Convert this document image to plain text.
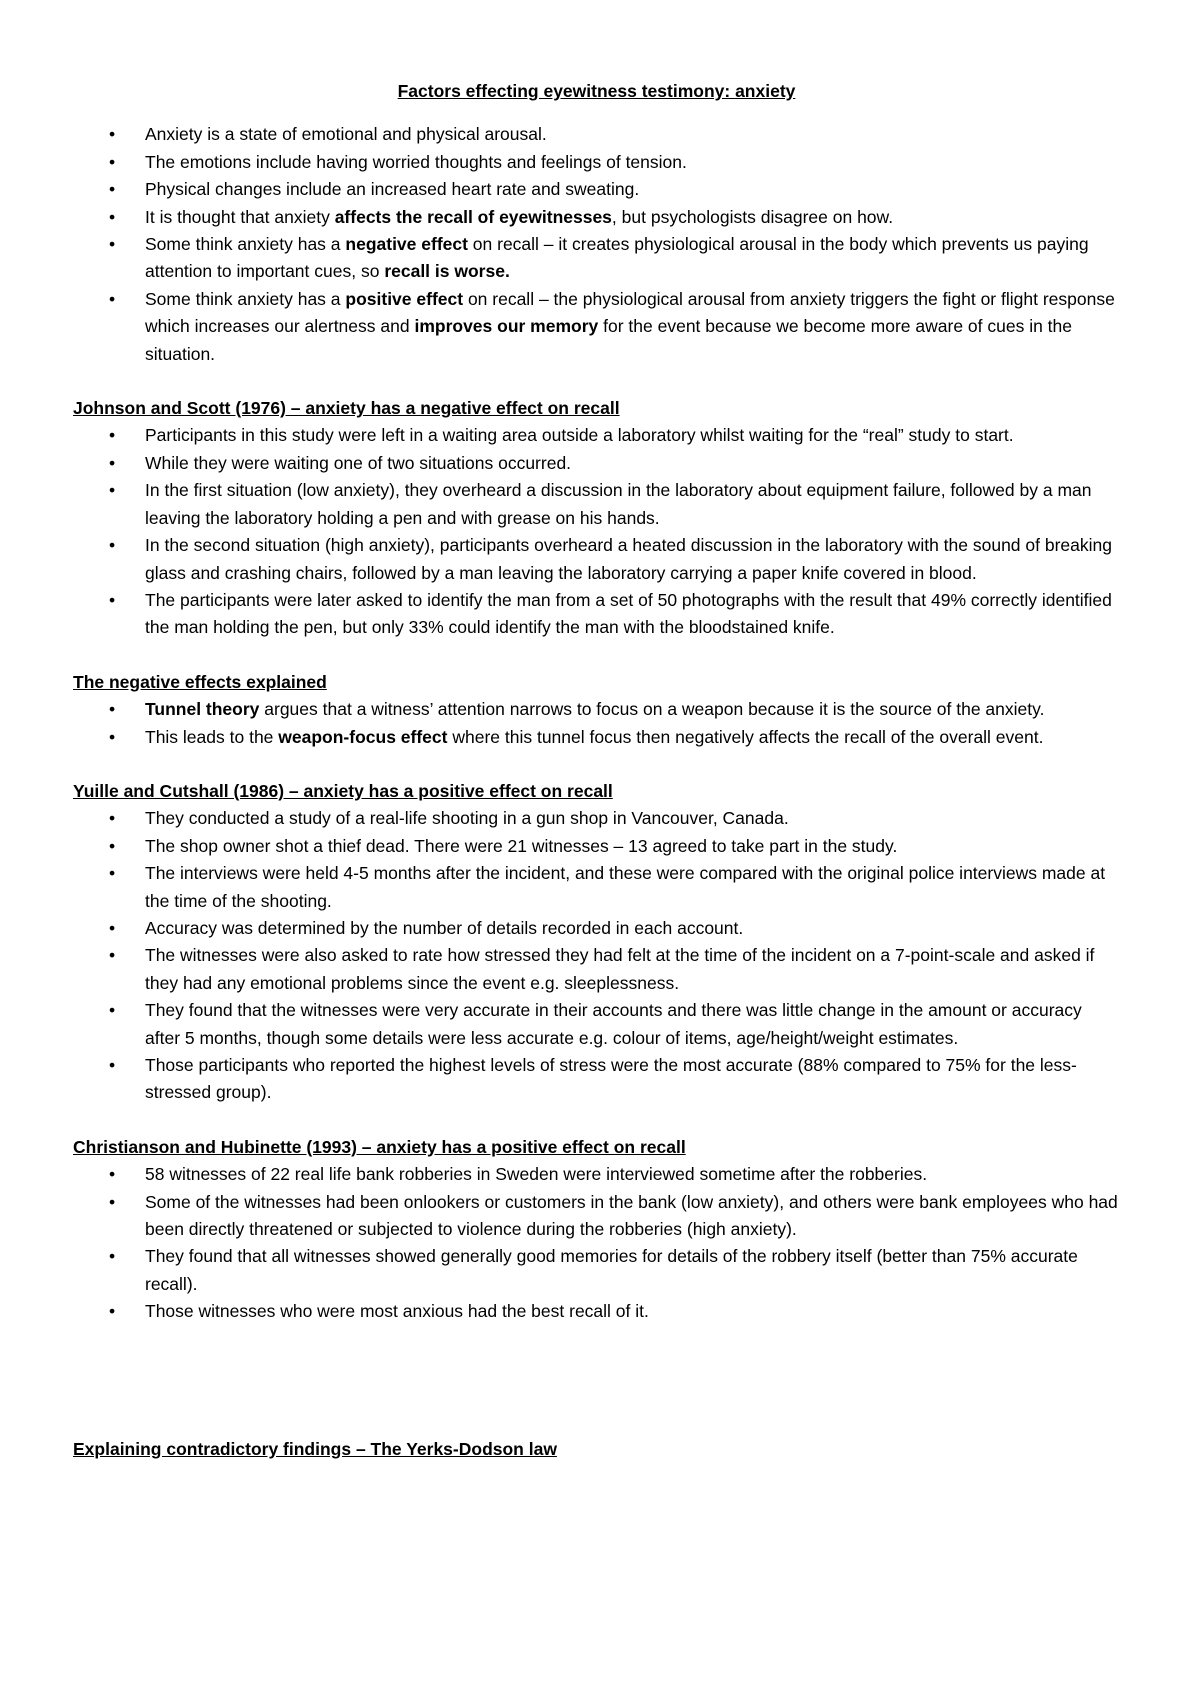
Factors effecting eyewitness testimony: anxiety
• Anxiety is a state of emotional and physical arousal.
• The emotions include having worried thoughts and feelings of tension.
• Physical changes include an increased heart rate and sweating.
• It is thought that anxiety affects the recall of eyewitnesses, but psychologists disagree on how.
• Some think anxiety has a negative effect on recall – it creates physiological arousal in the body which prevents us paying attention to important cues, so recall is worse.
• Some think anxiety has a positive effect on recall – the physiological arousal from anxiety triggers the fight or flight response which increases our alertness and improves our memory for the event because we become more aware of cues in the situation.
Johnson and Scott (1976) – anxiety has a negative effect on recall
• Participants in this study were left in a waiting area outside a laboratory whilst waiting for the “real” study to start.
• While they were waiting one of two situations occurred.
• In the first situation (low anxiety), they overheard a discussion in the laboratory about equipment failure, followed by a man leaving the laboratory holding a pen and with grease on his hands.
• In the second situation (high anxiety), participants overheard a heated discussion in the laboratory with the sound of breaking glass and crashing chairs, followed by a man leaving the laboratory carrying a paper knife covered in blood.
• The participants were later asked to identify the man from a set of 50 photographs with the result that 49% correctly identified the man holding the pen, but only 33% could identify the man with the bloodstained knife.
The negative effects explained
• Tunnel theory argues that a witness’ attention narrows to focus on a weapon because it is the source of the anxiety.
• This leads to the weapon-focus effect where this tunnel focus then negatively affects the recall of the overall event.
Yuille and Cutshall (1986) – anxiety has a positive effect on recall
• They conducted a study of a real-life shooting in a gun shop in Vancouver, Canada.
• The shop owner shot a thief dead. There were 21 witnesses – 13 agreed to take part in the study.
• The interviews were held 4-5 months after the incident, and these were compared with the original police interviews made at the time of the shooting.
• Accuracy was determined by the number of details recorded in each account.
• The witnesses were also asked to rate how stressed they had felt at the time of the incident on a 7-point-scale and asked if they had any emotional problems since the event e.g. sleeplessness.
• They found that the witnesses were very accurate in their accounts and there was little change in the amount or accuracy after 5 months, though some details were less accurate e.g. colour of items, age/height/weight estimates.
• Those participants who reported the highest levels of stress were the most accurate (88% compared to 75% for the less-stressed group).
Christianson and Hubinette (1993) – anxiety has a positive effect on recall
• 58 witnesses of 22 real life bank robberies in Sweden were interviewed sometime after the robberies.
• Some of the witnesses had been onlookers or customers in the bank (low anxiety), and others were bank employees who had been directly threatened or subjected to violence during the robberies (high anxiety).
• They found that all witnesses showed generally good memories for details of the robbery itself (better than 75% accurate recall).
• Those witnesses who were most anxious had the best recall of it.
Explaining contradictory findings – The Yerks-Dodson law
